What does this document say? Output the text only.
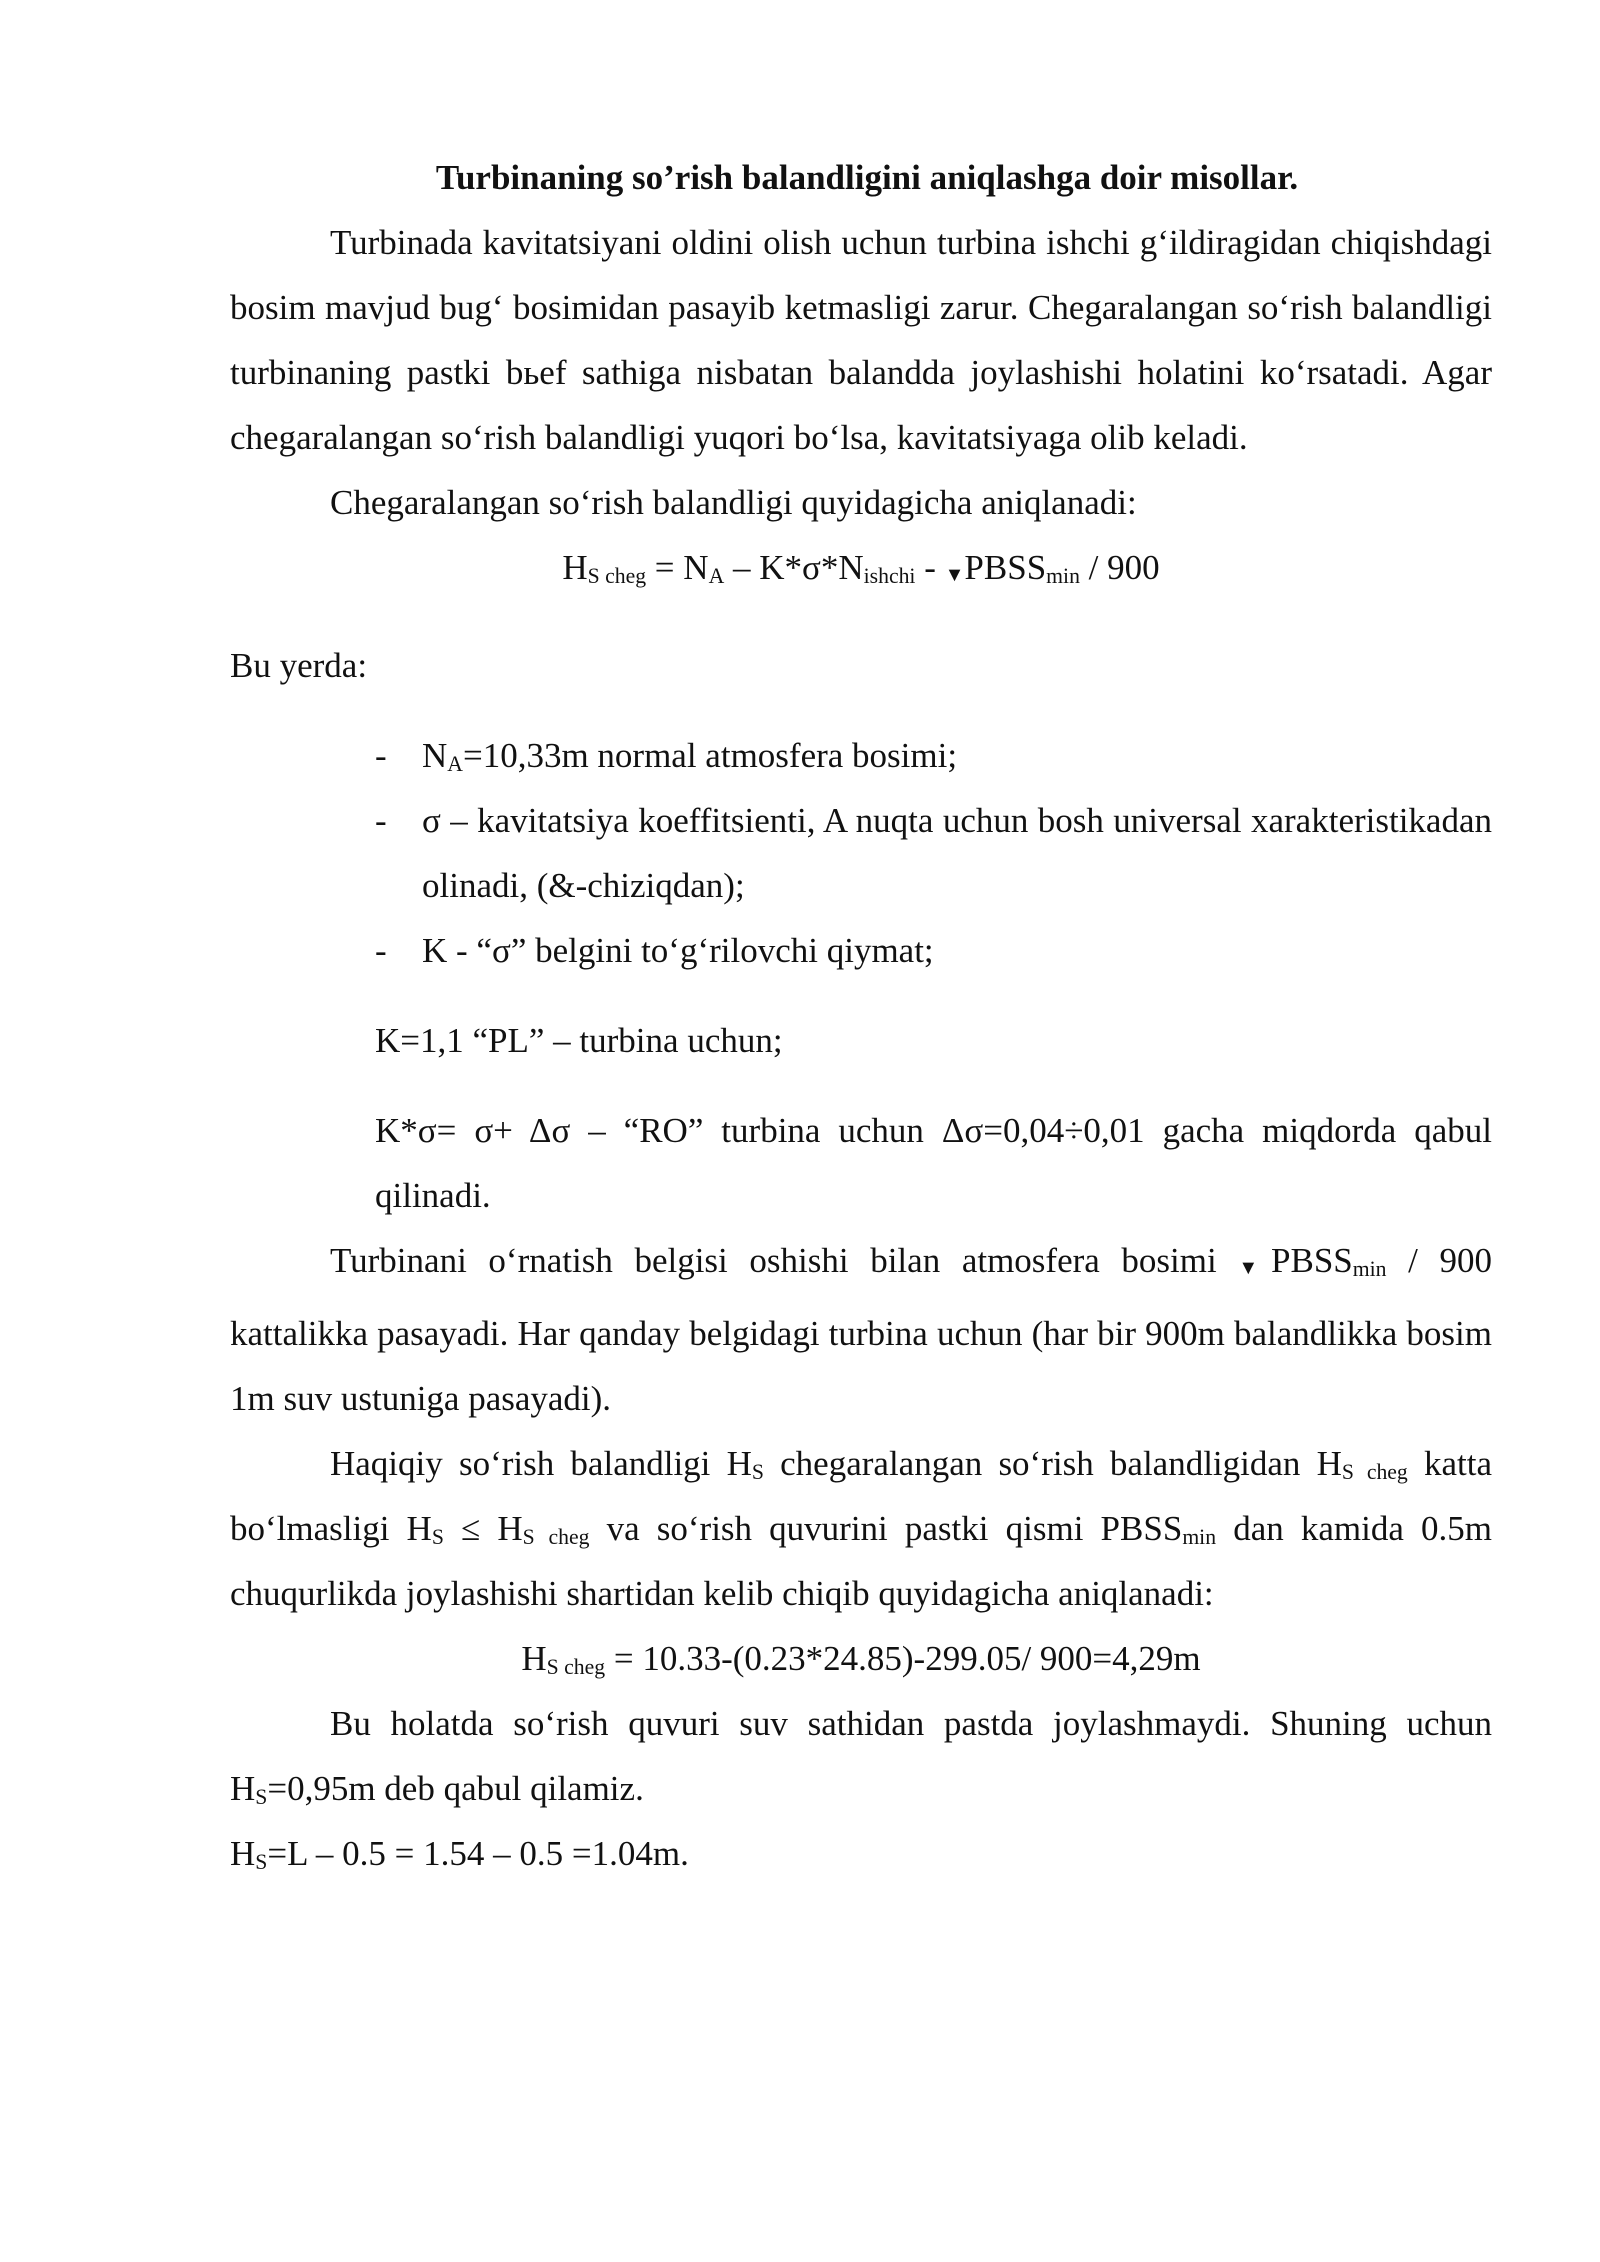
Turbinaning so’rish balandligini aniqlashga doir misollar.

Turbinada kavitatsiyani oldini olish uchun turbina ishchi g‘ildiragidan chiqishdagi bosim mavjud bug‘ bosimidan pasayib ketmasligi zarur. Chegaralangan so‘rish balandligi turbinaning pastki bьef sathiga nisbatan balandda joylashishi holatini ko‘rsatadi. Agar chegaralangan so‘rish balandligi yuqori bo‘lsa, kavitatsiyaga olib keladi.

Chegaralangan so‘rish balandligi quyidagicha aniqlanadi:

$H_{S cheg} = N_A - K*\sigma*N_{ishchi}$ - $▼PBSS_{min} / 900$

Bu yerda:

-	$N_A=10,33m$ normal atmosfera bosimi;
-	σ – kavitatsiya koeffitsienti, A nuqta uchun bosh universal xarakteristikadan olinadi, (&-chiziqdan);
-	K - “σ” belgini to‘g‘rilovchi qiymat;

K=1,1 “PL” – turbina uchun;

K*σ= σ+ Δσ – “RO” turbina uchun Δσ=0,04÷0,01 gacha miqdorda qabul qilinadi.

Turbinani o‘rnatish belgisi oshishi bilan atmosfera bosimi $▼PBSS_{min} / 900$ kattalikka pasayadi. Har qanday belgidagi turbina uchun (har bir 900m balandlikka bosim 1m suv ustuniga pasayadi).

Haqiqiy so‘rish balandligi $H_S$ chegaralangan so‘rish balandligidan $H_{S cheg}$ katta bo‘lmasligi $H_S \le H_{S cheg}$ va so‘rish quvurini pastki qismi $PBSS_{min}$ dan kamida 0.5m chuqurlikda joylashishi shartidan kelib chiqib quyidagicha aniqlanadi:

$H_{S cheg} = 10.33-(0.23*24.85)-299.05/$ 900=4,29m

Bu holatda so‘rish quvuri suv sathidan pastda joylashmaydi. Shuning uchun $H_S=0,95m$ deb qabul qilamiz.

$H_S=L - 0.5 = 1.54 - 0.5 =1.04m$.
